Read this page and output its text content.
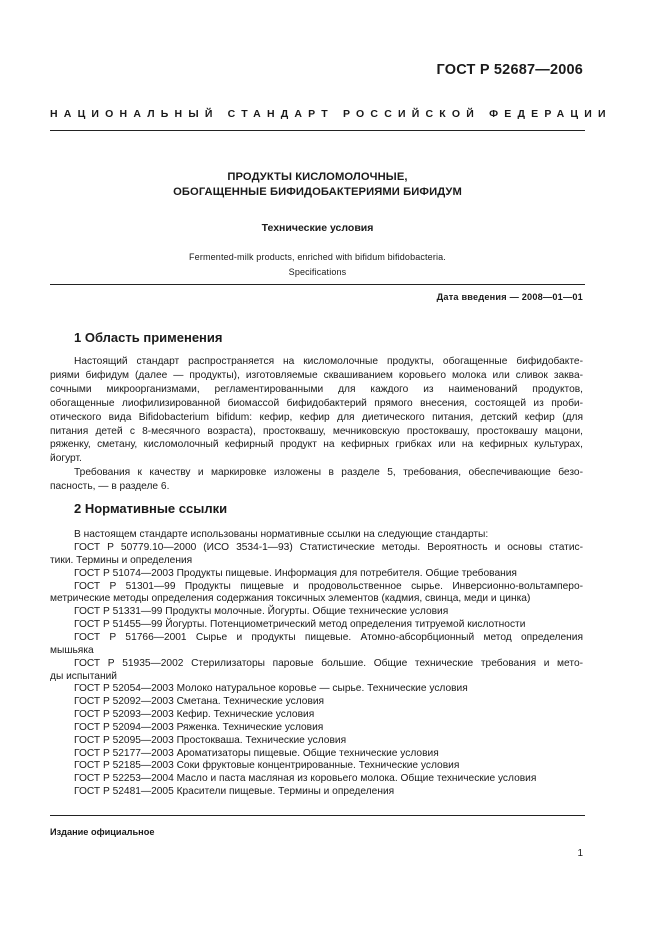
ГОСТ Р 52687—2006
НАЦИОНАЛЬНЫЙ СТАНДАРТ РОССИЙСКОЙ ФЕДЕРАЦИИ
ПРОДУКТЫ КИСЛОМОЛОЧНЫЕ,
ОБОГАЩЕННЫЕ БИФИДОБАКТЕРИЯМИ БИФИДУМ
Технические условия
Fermented-milk products, enriched with bifidum bifidobacteria.
Specifications
Дата введения — 2008—01—01
1 Область применения
Настоящий стандарт распространяется на кисломолочные продукты, обогащенные бифидобакте-
риями бифидум (далее — продукты), изготовляемые сквашиванием коровьего молока или сливок заква-
сочными микроорганизмами, регламентированными для каждого из наименований продуктов,
обогащенные лиофилизированной биомассой бифидобактерий прямого внесения, состоящей из проби-
отического вида Bifidobacterium bifidum: кефир, кефир для диетического питания, детский кефир (для
питания детей с 8-месячного возраста), простоквашу, мечниковскую простоквашу, простоквашу мацони,
ряженку, сметану, кисломолочный кефирный продукт на кефирных грибках или на кефирных культурах,
йогурт.
Требования к качеству и маркировке изложены в разделе 5, требования, обеспечивающие безо-
пасность, — в разделе 6.
2 Нормативные ссылки
В настоящем стандарте использованы нормативные ссылки на следующие стандарты:
ГОСТ Р 50779.10—2000 (ИСО 3534-1—93) Статистические методы. Вероятность и основы статис-
тики. Термины и определения
ГОСТ Р 51074—2003 Продукты пищевые. Информация для потребителя. Общие требования
ГОСТ Р 51301—99 Продукты пищевые и продовольственное сырье. Инверсионно-вольтамперо-
метрические методы определения содержания токсичных элементов (кадмия, свинца, меди и цинка)
ГОСТ Р 51331—99 Продукты молочные. Йогурты. Общие технические условия
ГОСТ Р 51455—99 Йогурты. Потенциометрический метод определения титруемой кислотности
ГОСТ Р 51766—2001 Сырье и продукты пищевые. Атомно-абсорбционный метод определения
мышьяка
ГОСТ Р 51935—2002 Стерилизаторы паровые большие. Общие технические требования и мето-
ды испытаний
ГОСТ Р 52054—2003 Молоко натуральное коровье — сырье. Технические условия
ГОСТ Р 52092—2003 Сметана. Технические условия
ГОСТ Р 52093—2003 Кефир. Технические условия
ГОСТ Р 52094—2003 Ряженка. Технические условия
ГОСТ Р 52095—2003 Простокваша. Технические условия
ГОСТ Р 52177—2003 Ароматизаторы пищевые. Общие технические условия
ГОСТ Р 52185—2003 Соки фруктовые концентрированные. Технические условия
ГОСТ Р 52253—2004 Масло и паста масляная из коровьего молока. Общие технические условия
ГОСТ Р 52481—2005 Красители пищевые. Термины и определения
Издание официальное
1
